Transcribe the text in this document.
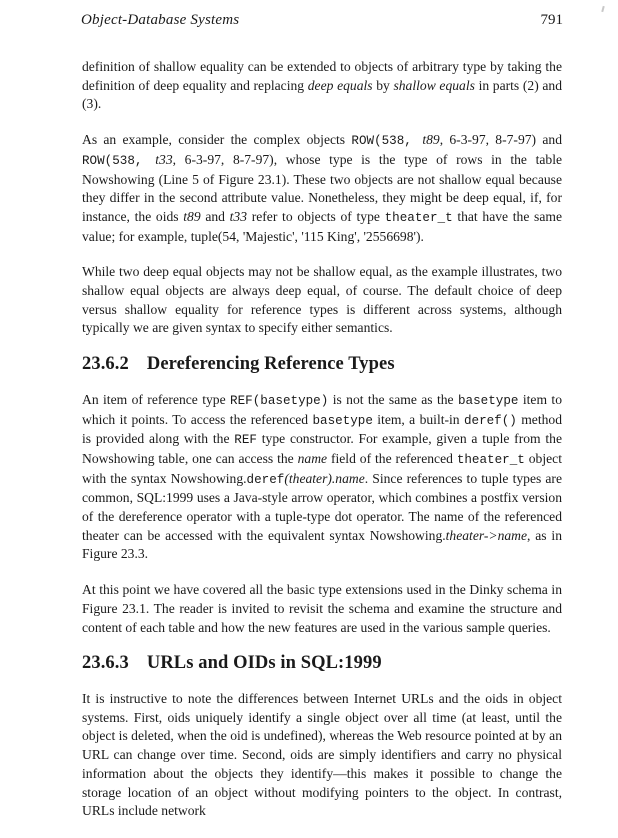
Object-Database Systems	791

definition of shallow equality can be extended to objects of arbitrary type by taking the definition of deep equality and replacing deep equals by shallow equals in parts (2) and (3).

As an example, consider the complex objects ROW(538, t89, 6-3-97, 8-7-97) and ROW(538, t33, 6-3-97, 8-7-97), whose type is the type of rows in the table Nowshowing (Line 5 of Figure 23.1). These two objects are not shallow equal because they differ in the second attribute value. Nonetheless, they might be deep equal, if, for instance, the oids t89 and t33 refer to objects of type theater_t that have the same value; for example, tuple(54, 'Majestic', '115 King', '2556698').

While two deep equal objects may not be shallow equal, as the example illustrates, two shallow equal objects are always deep equal, of course. The default choice of deep versus shallow equality for reference types is different across systems, although typically we are given syntax to specify either semantics.

23.6.2 Dereferencing Reference Types

An item of reference type REF(basetype) is not the same as the basetype item to which it points. To access the referenced basetype item, a built-in deref() method is provided along with the REF type constructor. For example, given a tuple from the Nowshowing table, one can access the name field of the referenced theater_t object with the syntax Nowshowing.deref(theater).name. Since references to tuple types are common, SQL:1999 uses a Java-style arrow operator, which combines a postfix version of the dereference operator with a tuple-type dot operator. The name of the referenced theater can be accessed with the equivalent syntax Nowshowing.theater->name, as in Figure 23.3.

At this point we have covered all the basic type extensions used in the Dinky schema in Figure 23.1. The reader is invited to revisit the schema and examine the structure and content of each table and how the new features are used in the various sample queries.

23.6.3 URLs and OIDs in SQL:1999

It is instructive to note the differences between Internet URLs and the oids in object systems. First, oids uniquely identify a single object over all time (at least, until the object is deleted, when the oid is undefined), whereas the Web resource pointed at by an URL can change over time. Second, oids are simply identifiers and carry no physical information about the objects they identify—this makes it possible to change the storage location of an object without modifying pointers to the object. In contrast, URLs include network
